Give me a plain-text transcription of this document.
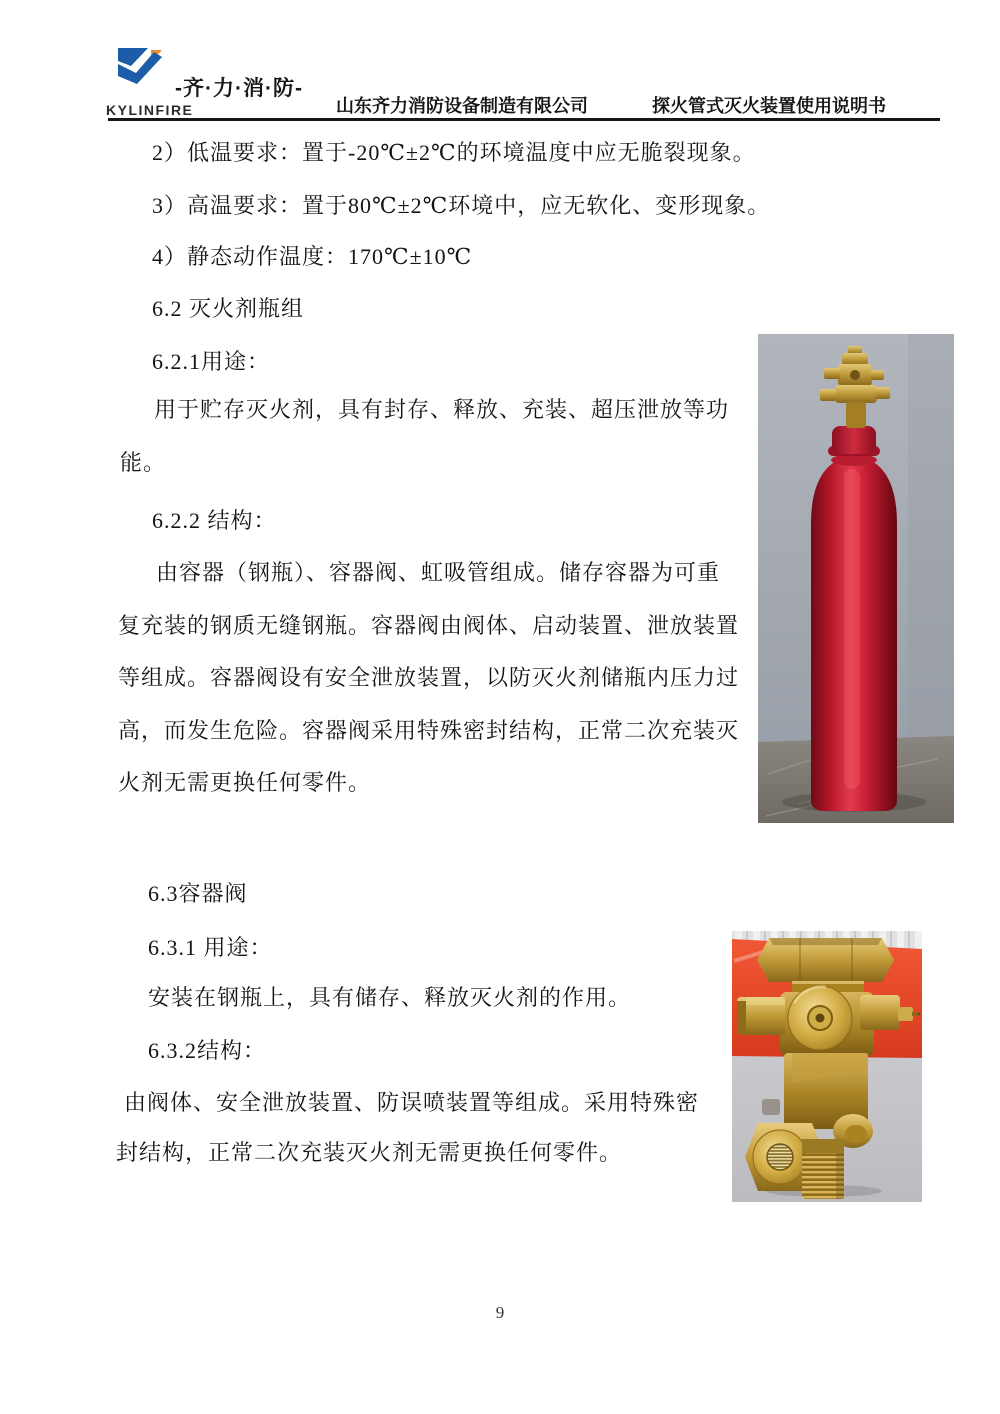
KYLINFIRE
-齐·力·消·防-
山东齐力消防设备制造有限公司	探火管式灭火装置使用说明书
2）低温要求：置于-20℃±2℃的环境温度中应无脆裂现象。
3）高温要求：置于80℃±2℃环境中，应无软化、变形现象。
4）静态动作温度：170℃±10℃
6.2 灭火剂瓶组
6.2.1用途：
用于贮存灭火剂，具有封存、释放、充装、超压泄放等功
能。
6.2.2 结构：
由容器（钢瓶）、容器阀、虹吸管组成。储存容器为可重
复充装的钢质无缝钢瓶。容器阀由阀体、启动装置、泄放装置
等组成。容器阀设有安全泄放装置，以防灭火剂储瓶内压力过
高，而发生危险。容器阀采用特殊密封结构，正常二次充装灭
火剂无需更换任何零件。
6.3容器阀
6.3.1 用途：
安装在钢瓶上，具有储存、释放灭火剂的作用。
6.3.2结构：
由阀体、安全泄放装置、防误喷装置等组成。采用特殊密
封结构，正常二次充装灭火剂无需更换任何零件。
9
